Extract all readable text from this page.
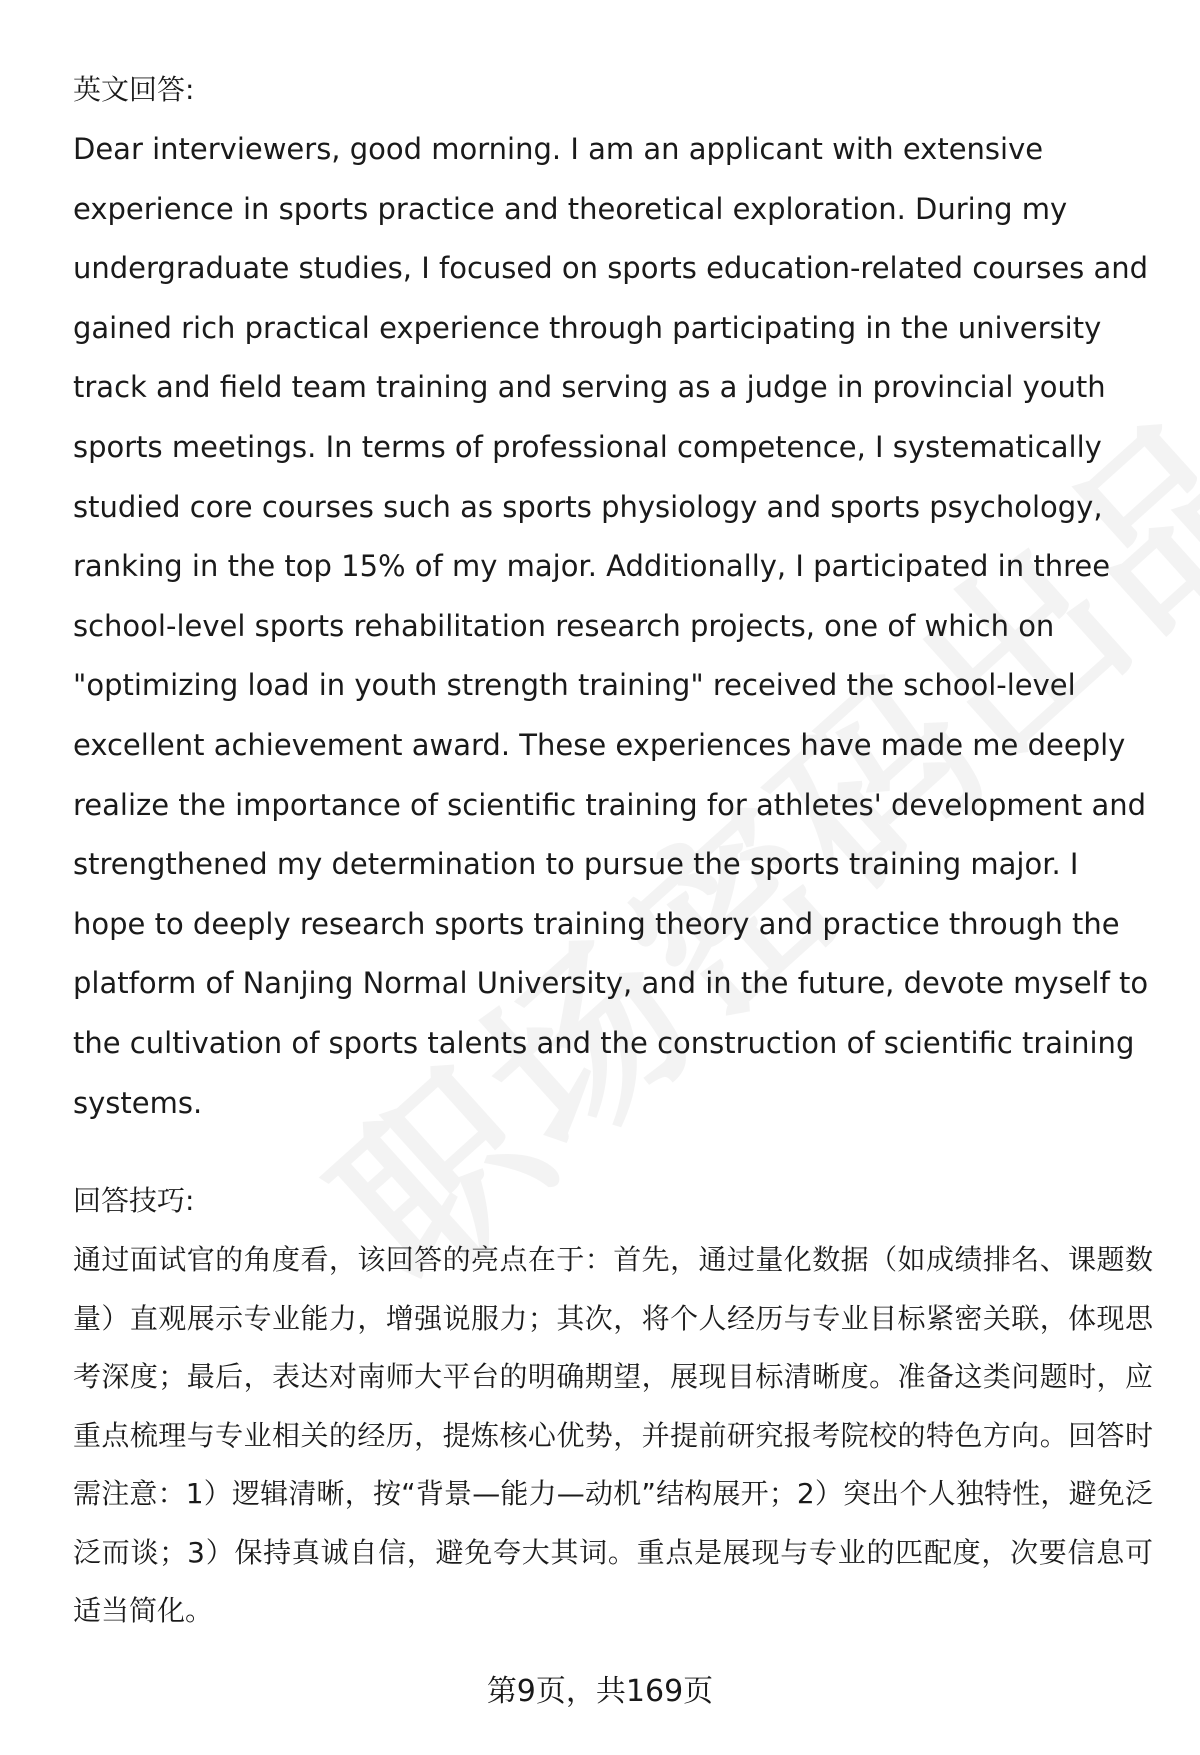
英文回答:

Dear interviewers, good morning. I am an applicant with extensive experience in sports practice and theoretical exploration. During my undergraduate studies, I focused on sports education-related courses and gained rich practical experience through participating in the university track and field team training and serving as a judge in provincial youth sports meetings. In terms of professional competence, I systematically studied core courses such as sports physiology and sports psychology, ranking in the top 15% of my major. Additionally, I participated in three school-level sports rehabilitation research projects, one of which on "optimizing load in youth strength training" received the school-level excellent achievement award. These experiences have made me deeply realize the importance of scientific training for athletes' development and strengthened my determination to pursue the sports training major. I hope to deeply research sports training theory and practice through the platform of Nanjing Normal University, and in the future, devote myself to the cultivation of sports talents and the construction of scientific training systems.

回答技巧:

通过面试官的角度看，该回答的亮点在于：首先，通过量化数据（如成绩排名、课题数量）直观展示专业能力，增强说服力；其次，将个人经历与专业目标紧密关联，体现思考深度；最后，表达对南师大平台的明确期望，展现目标清晰度。准备这类问题时，应重点梳理与专业相关的经历，提炼核心优势，并提前研究报考院校的特色方向。回答时需注意：1）逻辑清晰，按“背景—能力—动机”结构展开；2）突出个人独特性，避免泛泛而谈；3）保持真诚自信，避免夸大其词。重点是展现与专业的匹配度，次要信息可适当简化。

第9页，共169页
